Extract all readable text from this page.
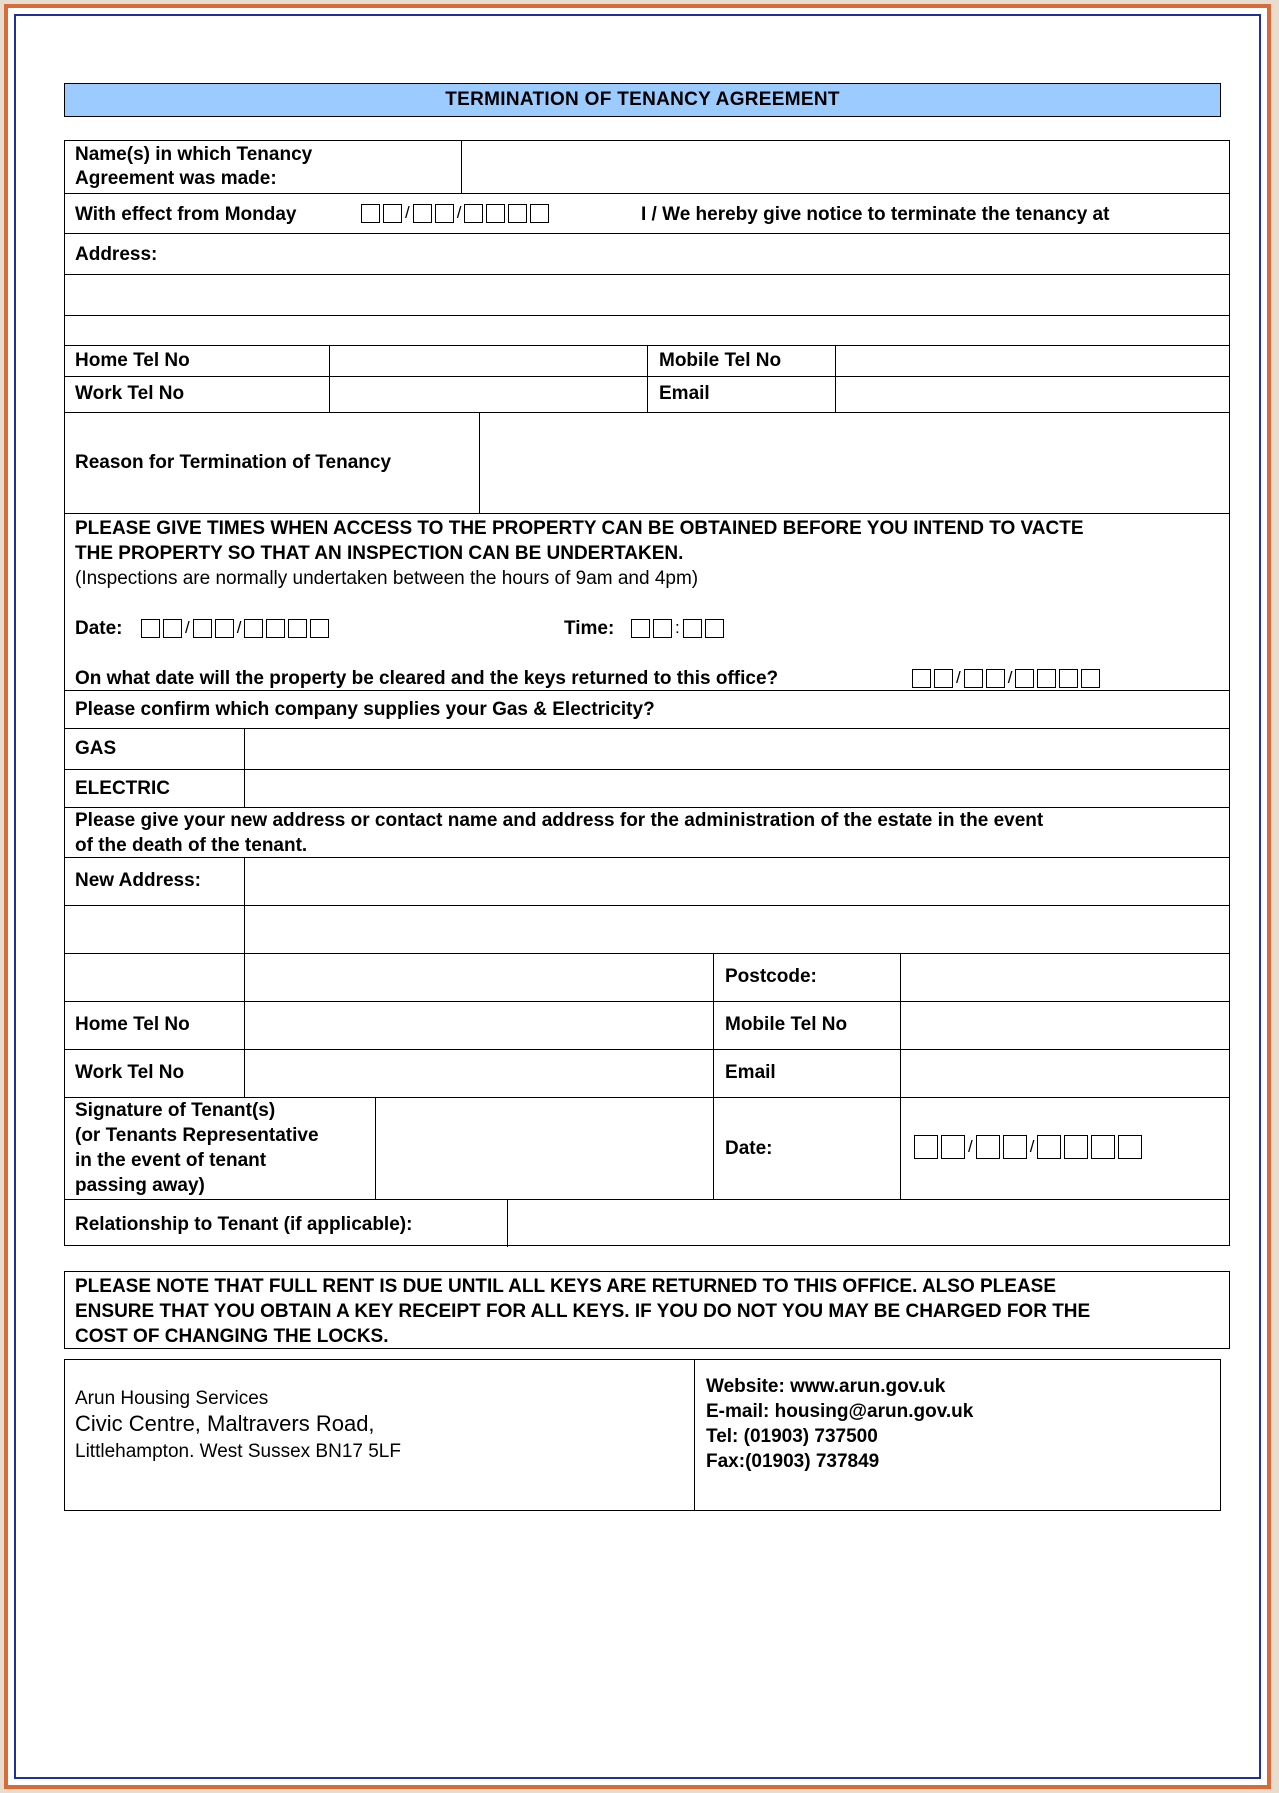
TERMINATION OF TENANCY AGREEMENT
Name(s) in which Tenancy
Agreement was made:
With effect from Monday	/	/	I / We hereby give notice to terminate the tenancy at
Address:
Home Tel No	Mobile Tel No
Work Tel No	Email
Reason for Termination of Tenancy
PLEASE GIVE TIMES WHEN ACCESS TO THE PROPERTY CAN BE OBTAINED BEFORE YOU INTEND TO VACTE
THE PROPERTY SO THAT AN INSPECTION CAN BE UNDERTAKEN.
(Inspections are normally undertaken between the hours of 9am and 4pm)
Date:	/	/	Time:	:
On what date will the property be cleared and the keys returned to this office?	/	/
Please confirm which company supplies your Gas & Electricity?
GAS
ELECTRIC
Please give your new address or contact name and address for the administration of the estate in the event
of the death of the tenant.
New Address:
Postcode:
Home Tel No	Mobile Tel No
Work Tel No	Email
Signature of Tenant(s)
(or Tenants Representative
in the event of tenant
passing away)
Date:	/	/
Relationship to Tenant (if applicable):
PLEASE NOTE THAT FULL RENT IS DUE UNTIL ALL KEYS ARE RETURNED TO THIS OFFICE. ALSO PLEASE
ENSURE THAT YOU OBTAIN A KEY RECEIPT FOR ALL KEYS. IF YOU DO NOT YOU MAY BE CHARGED FOR THE
COST OF CHANGING THE LOCKS.
Arun Housing Services
Civic Centre, Maltravers Road,
Littlehampton. West Sussex BN17 5LF
Website: www.arun.gov.uk
E-mail: housing@arun.gov.uk
Tel: (01903) 737500
Fax:(01903) 737849
